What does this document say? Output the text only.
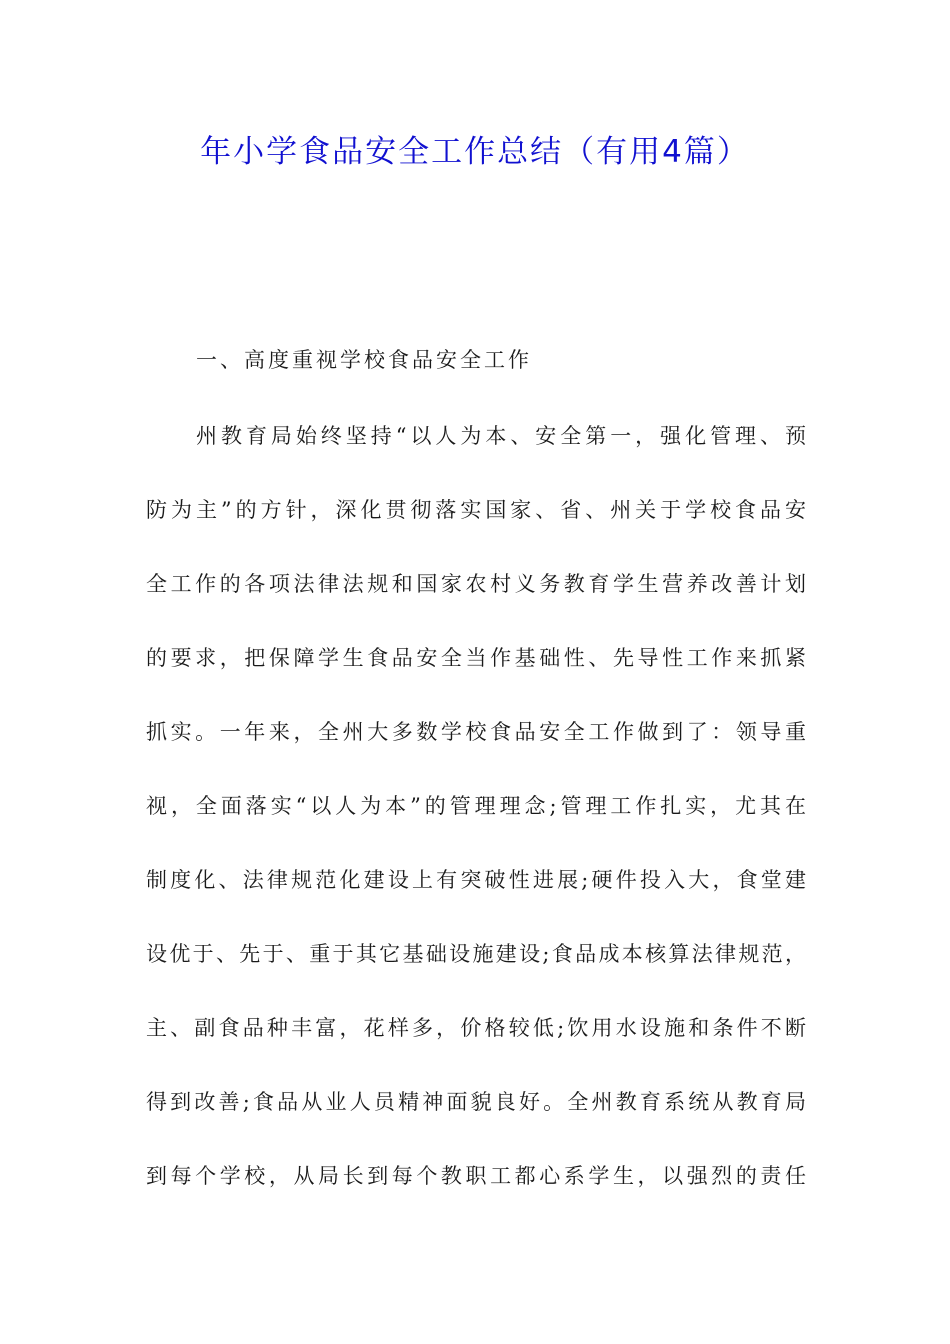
年小学食品安全工作总结（有用4篇）
一、高度重视学校食品安全工作
州教育局始终坚持“以人为本、安全第一，强化管理、预
防为主”的方针，深化贯彻落实国家、省、州关于学校食品安
全工作的各项法律法规和国家农村义务教育学生营养改善计划
的要求，把保障学生食品安全当作基础性、先导性工作来抓紧
抓实。一年来，全州大多数学校食品安全工作做到了：领导重
视，全面落实“以人为本”的管理理念;管理工作扎实，尤其在
制度化、法律规范化建设上有突破性进展;硬件投入大，食堂建
设优于、先于、重于其它基础设施建设;食品成本核算法律规范，
主、副食品种丰富，花样多，价格较低;饮用水设施和条件不断
得到改善;食品从业人员精神面貌良好。全州教育系统从教育局
到每个学校，从局长到每个教职工都心系学生，以强烈的责任
